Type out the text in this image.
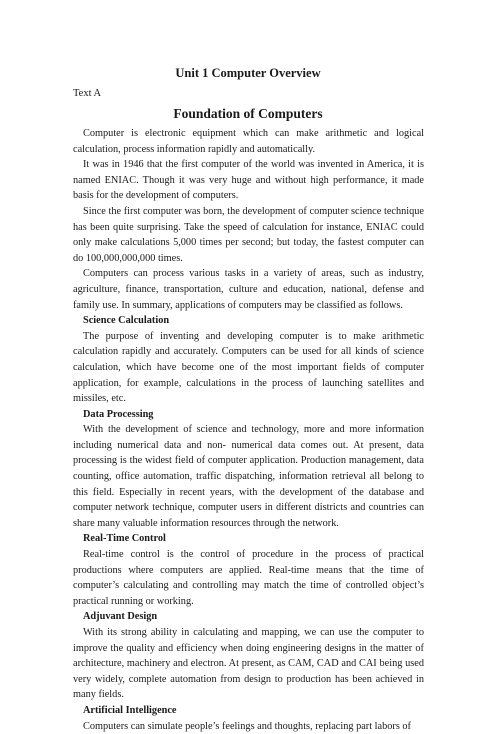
Unit 1 Computer Overview
Text A
Foundation of Computers

Computer is electronic equipment which can make arithmetic and logical calculation, process information rapidly and automatically.

It was in 1946 that the first computer of the world was invented in America, it is named ENIAC. Though it was very huge and without high performance, it made basis for the development of computers.

Since the first computer was born, the development of computer science technique has been quite surprising. Take the speed of calculation for instance, ENIAC could only make calculations 5,000 times per second; but today, the fastest computer can do 100,000,000,000 times.

Computers can process various tasks in a variety of areas, such as industry, agriculture, finance, transportation, culture and education, national, defense and family use. In summary, applications of computers may be classified as follows.

Science Calculation

The purpose of inventing and developing computer is to make arithmetic calculation rapidly and accurately. Computers can be used for all kinds of science calculation, which have become one of the most important fields of computer application, for example, calculations in the process of launching satellites and missiles, etc.

Data Processing

With the development of science and technology, more and more information including numerical data and non- numerical data comes out. At present, data processing is the widest field of computer application. Production management, data counting, office automation, traffic dispatching, information retrieval all belong to this field. Especially in recent years, with the development of the database and computer network technique, computer users in different districts and countries can share many valuable information resources through the network.

Real-Time Control

Real-time control is the control of procedure in the process of practical productions where computers are applied. Real-time means that the time of computer’s calculating and controlling may match the time of controlled object’s practical running or working.

Adjuvant Design

With its strong ability in calculating and mapping, we can use the computer to improve the quality and efficiency when doing engineering designs in the matter of architecture, machinery and electron. At present, as CAM, CAD and CAI being used very widely, complete automation from design to production has been achieved in many fields.

Artificial Intelligence

Computers can simulate people’s feelings and thoughts, replacing part labors of
